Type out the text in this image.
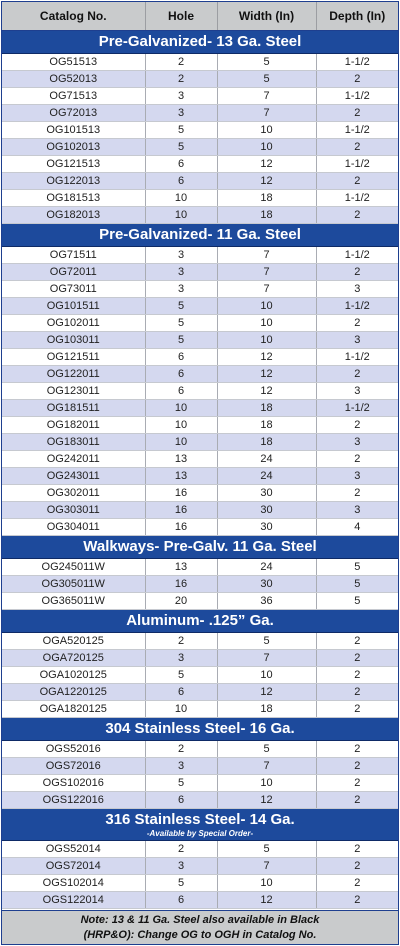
Catalog No.	Hole	Width (In)	Depth (In)

Pre-Galvanized- 13 Ga. Steel			

OG51513	2	5	1-1/2
OG52013	2	5	2
OG71513	3	7	1-1/2
OG72013	3	7	2
OG101513	5	10	1-1/2
OG102013	5	10	2
OG121513	6	12	1-1/2
OG122013	6	12	2
OG181513	10	18	1-1/2
OG182013	10	18	2

Pre-Galvanized- 11 Ga. Steel			

OG71511	3	7	1-1/2
OG72011	3	7	2
OG73011	3	7	3
OG101511	5	10	1-1/2
OG102011	5	10	2
OG103011	5	10	3
OG121511	6	12	1-1/2
OG122011	6	12	2
OG123011	6	12	3
OG181511	10	18	1-1/2
OG182011	10	18	2
OG183011	10	18	3
OG242011	13	24	2
OG243011	13	24	3
OG302011	16	30	2
OG303011	16	30	3
OG304011	16	30	4

Walkways- Pre-Galv. 11 Ga. Steel			

OG245011W	13	24	5
OG305011W	16	30	5
OG365011W	20	36	5

Aluminum- .125” Ga.			

OGA520125	2	5	2
OGA720125	3	7	2
OGA1020125	5	10	2
OGA1220125	6	12	2
OGA1820125	10	18	2

304 Stainless Steel- 16 Ga.			

OGS52016	2	5	2
OGS72016	3	7	2
OGS102016	5	10	2
OGS122016	6	12	2

316 Stainless Steel- 14 Ga.
-Available by Special Order-			

OGS52014	2	5	2
OGS72014	3	7	2
OGS102014	5	10	2
OGS122014	6	12	2
Note: 13 & 11 Ga. Steel also available in Black
(HRP&O): Change OG to OGH in Catalog No.
